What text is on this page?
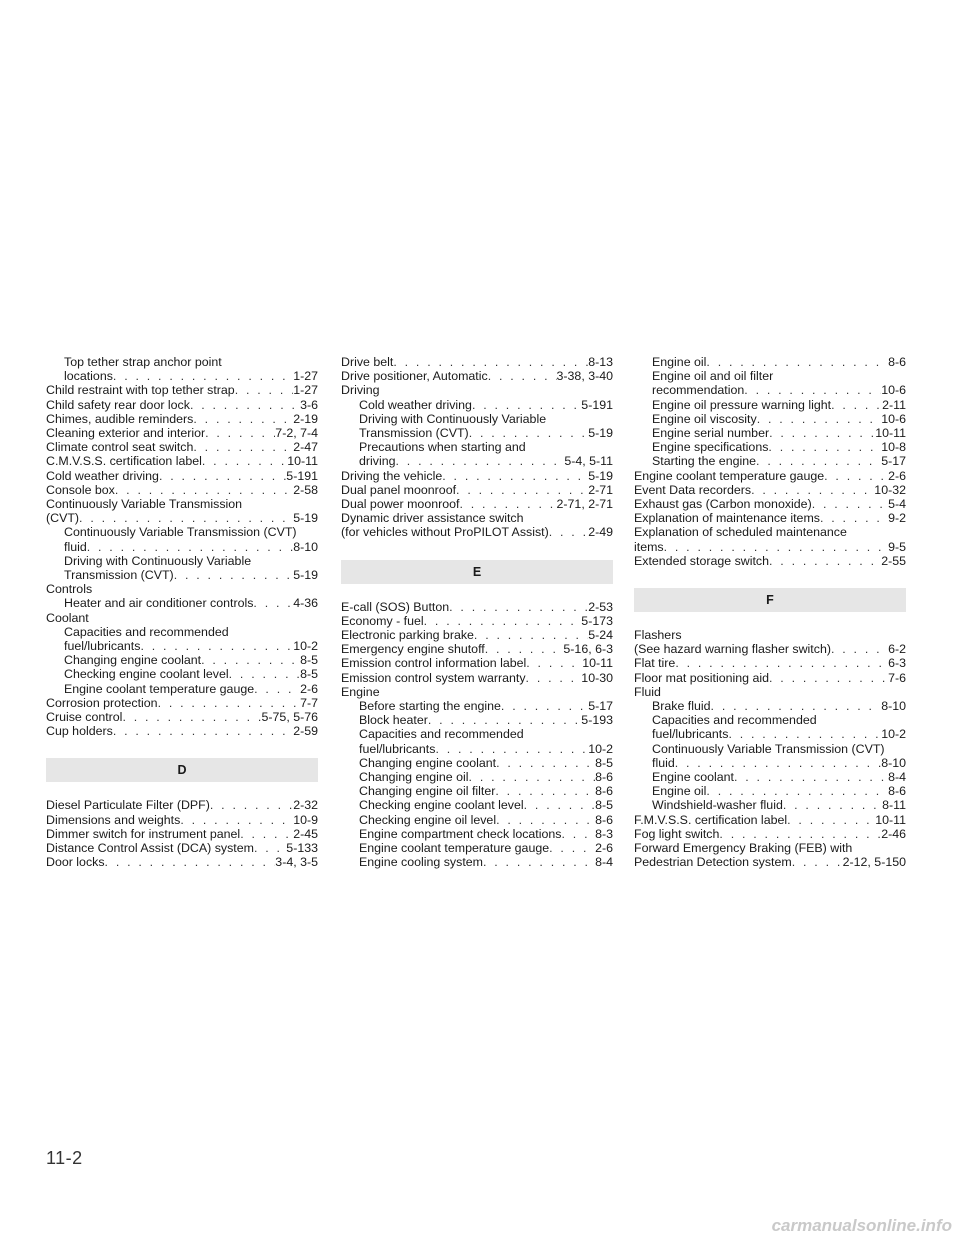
Top tether strap anchor point
locations . . .	1-27
Child restraint with top tether strap . . .	1-27
Child safety rear door lock . . .	3-6
Chimes, audible reminders . . .	2-19
Cleaning exterior and interior . . .	7-2, 7-4
Climate control seat switch . . .	2-47
C.M.V.S.S. certification label . . .	10-11
Cold weather driving . . .	5-191
Console box . . .	2-58
Continuously Variable Transmission
(CVT) . . .	5-19
Continuously Variable Transmission (CVT)
fluid . . .	8-10
Driving with Continuously Variable
Transmission (CVT) . . .	5-19
Controls
Heater and air conditioner controls . . .	4-36
Coolant
Capacities and recommended
fuel/lubricants . . .	10-2
Changing engine coolant . . .	8-5
Checking engine coolant level . . .	8-5
Engine coolant temperature gauge . . .	2-6
Corrosion protection . . .	7-7
Cruise control . . .	5-75, 5-76
Cup holders . . .	2-59
D
Diesel Particulate Filter (DPF) . . .	2-32
Dimensions and weights . . .	10-9
Dimmer switch for instrument panel . . .	2-45
Distance Control Assist (DCA) system . . .	5-133
Door locks . . .	3-4, 3-5
Drive belt . . .	8-13
Drive positioner, Automatic . . .	3-38, 3-40
Driving
Cold weather driving . . .	5-191
Driving with Continuously Variable
Transmission (CVT) . . .	5-19
Precautions when starting and
driving . . .	5-4, 5-11
Driving the vehicle . . .	5-19
Dual panel moonroof . . .	2-71
Dual power moonroof . . .	2-71, 2-71
Dynamic driver assistance switch
(for vehicles without ProPILOT Assist) . . .	2-49
E
E-call (SOS) Button . . .	2-53
Economy - fuel . . .	5-173
Electronic parking brake . . .	5-24
Emergency engine shutoff . . .	5-16, 6-3
Emission control information label . . .	10-11
Emission control system warranty . . .	10-30
Engine
Before starting the engine . . .	5-17
Block heater . . .	5-193
Capacities and recommended
fuel/lubricants . . .	10-2
Changing engine coolant . . .	8-5
Changing engine oil . . .	8-6
Changing engine oil filter . . .	8-6
Checking engine coolant level . . .	8-5
Checking engine oil level . . .	8-6
Engine compartment check locations . . .	8-3
Engine coolant temperature gauge . . .	2-6
Engine cooling system . . .	8-4
Engine oil . . .	8-6
Engine oil and oil filter
recommendation . . .	10-6
Engine oil pressure warning light . . .	2-11
Engine oil viscosity . . .	10-6
Engine serial number . . .	10-11
Engine specifications . . .	10-8
Starting the engine . . .	5-17
Engine coolant temperature gauge . . .	2-6
Event Data recorders . . .	10-32
Exhaust gas (Carbon monoxide) . . .	5-4
Explanation of maintenance items . . .	9-2
Explanation of scheduled maintenance
items . . .	9-5
Extended storage switch . . .	2-55
F
Flashers
(See hazard warning flasher switch) . . .	6-2
Flat tire . . .	6-3
Floor mat positioning aid . . .	7-6
Fluid
Brake fluid . . .	8-10
Capacities and recommended
fuel/lubricants . . .	10-2
Continuously Variable Transmission (CVT)
fluid . . .	8-10
Engine coolant . . .	8-4
Engine oil . . .	8-6
Windshield-washer fluid . . .	8-11
F.M.V.S.S. certification label . . .	10-11
Fog light switch . . .	2-46
Forward Emergency Braking (FEB) with
Pedestrian Detection system . . .	2-12, 5-150
11-2
carmanualsonline.info
